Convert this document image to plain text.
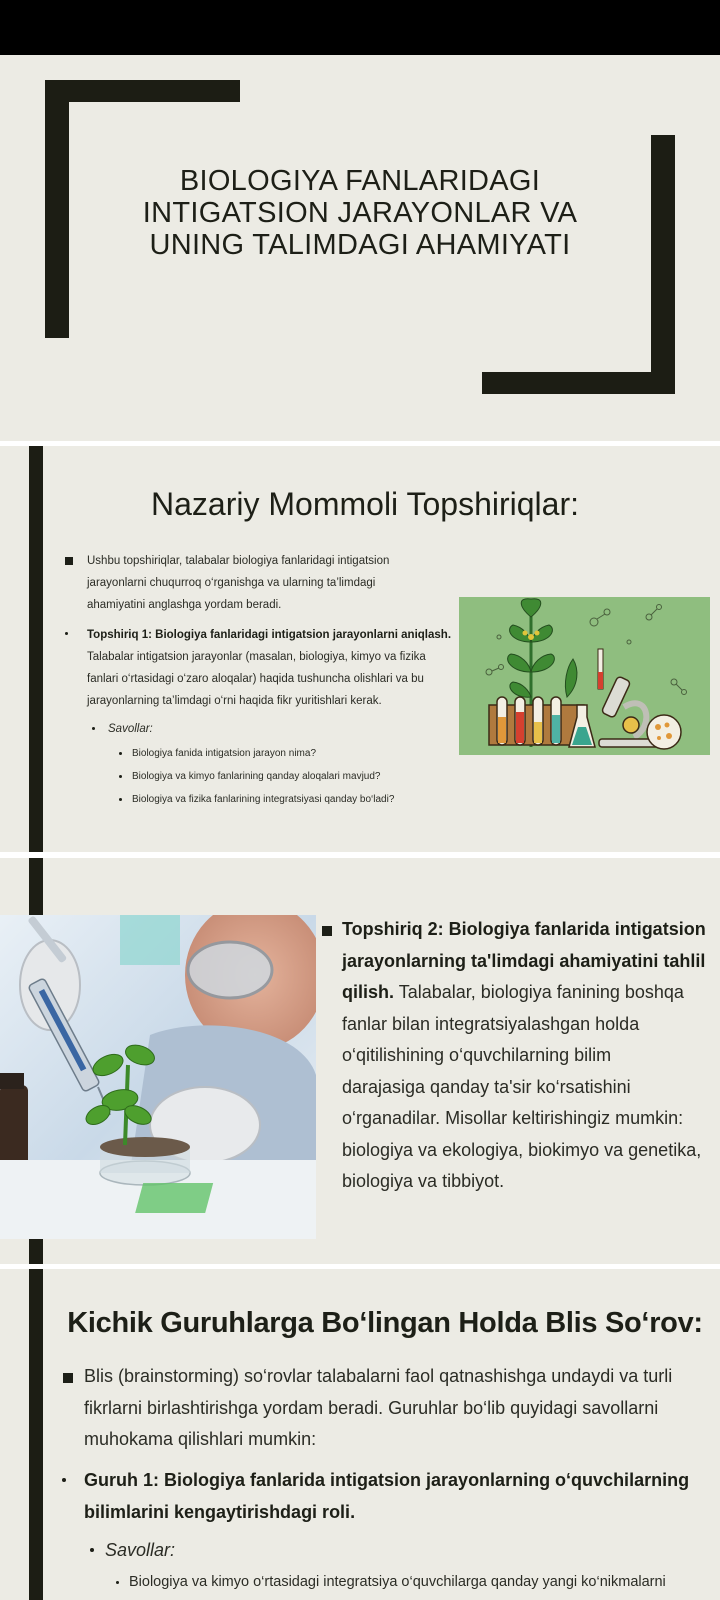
BIOLOGIYA FANLARIDAGI
INTIGATSION JARAYONLAR VA
UNING TALIMDAGI AHAMIYATI
Nazariy Mommoli Topshiriqlar:
Ushbu topshiriqlar, talabalar biologiya fanlaridagi intigatsion
jarayonlarni chuqurroq o‘rganishga va ularning ta’limdagi
ahamiyatini anglashga yordam beradi.
Topshiriq 1: Biologiya fanlaridagi intigatsion jarayonlarni aniqlash.
Talabalar intigatsion jarayonlar (masalan, biologiya, kimyo va fizika
fanlari o‘rtasidagi o‘zaro aloqalar) haqida tushuncha olishlari va bu
jarayonlarning ta’limdagi o‘rni haqida fikr yuritishlari kerak.
Savollar:
Biologiya fanida intigatsion jarayon nima?
Biologiya va kimyo fanlarining qanday aloqalari mavjud?
Biologiya va fizika fanlarining integratsiyasi qanday bo‘ladi?
Topshiriq 2: Biologiya fanlarida intigatsion
jarayonlarning ta'limdagi ahamiyatini tahlil
qilish. Talabalar, biologiya fanining boshqa
fanlar bilan integratsiyalashgan holda
o‘qitilishining o‘quvchilarning bilim
darajasiga qanday ta'sir ko‘rsatishini
o‘rganadilar. Misollar keltirishingiz mumkin:
biologiya va ekologiya, biokimyo va genetika,
biologiya va tibbiyot.
Kichik Guruhlarga Bo‘lingan Holda Blis So‘rov:
Blis (brainstorming) so‘rovlar talabalarni faol qatnashishga undaydi va turli
fikrlarni birlashtirishga yordam beradi. Guruhlar bo‘lib quyidagi savollarni
muhokama qilishlari mumkin:
Guruh 1: Biologiya fanlarida intigatsion jarayonlarning o‘quvchilarning
bilimlarini kengaytirishdagi roli.
Savollar:
Biologiya va kimyo o‘rtasidagi integratsiya o‘quvchilarga qanday yangi ko‘nikmalarni
